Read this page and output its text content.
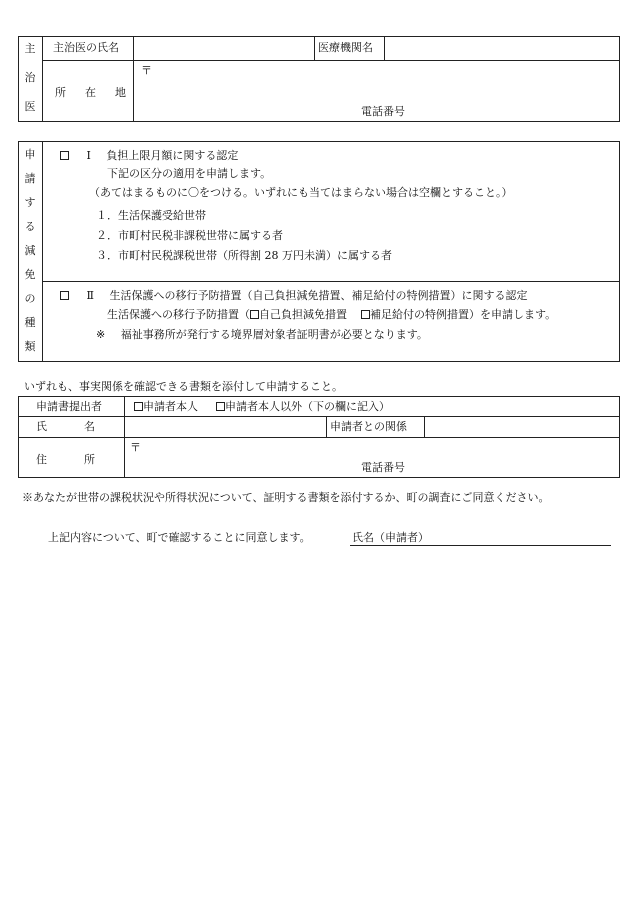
主
治
医
主治医の氏名	医療機関名
所　在　地
〒
電話番号
申
請
す
る
減
免
の
種
類
Ⅰ 負担上限月額に関する認定
下記の区分の適用を申請します。
（あてはまるものに〇をつける。いずれにも当てはまらない場合は空欄とすること。）
１．生活保護受給世帯
２．市町村民税非課税世帯に属する者
３．市町村民税課税世帯（所得割 28 万円未満）に属する者
Ⅱ 生活保護への移行予防措置（自己負担減免措置、補足給付の特例措置）に関する認定
生活保護への移行予防措置（ 自己負担減免措置 補足給付の特例措置）を申請します。
※ 福祉事務所が発行する境界層対象者証明書が必要となります。
いずれも、事実関係を確認できる書類を添付して申請すること。
申請書提出者	申請者本人 申請者本人以外（下の欄に記入）
氏　　名	申請者との関係
住　　所
〒
電話番号
※あなたが世帯の課税状況や所得状況について、証明する書類を添付するか、町の調査にご同意ください。
上記内容について、町で確認することに同意します。	氏名（申請者）
